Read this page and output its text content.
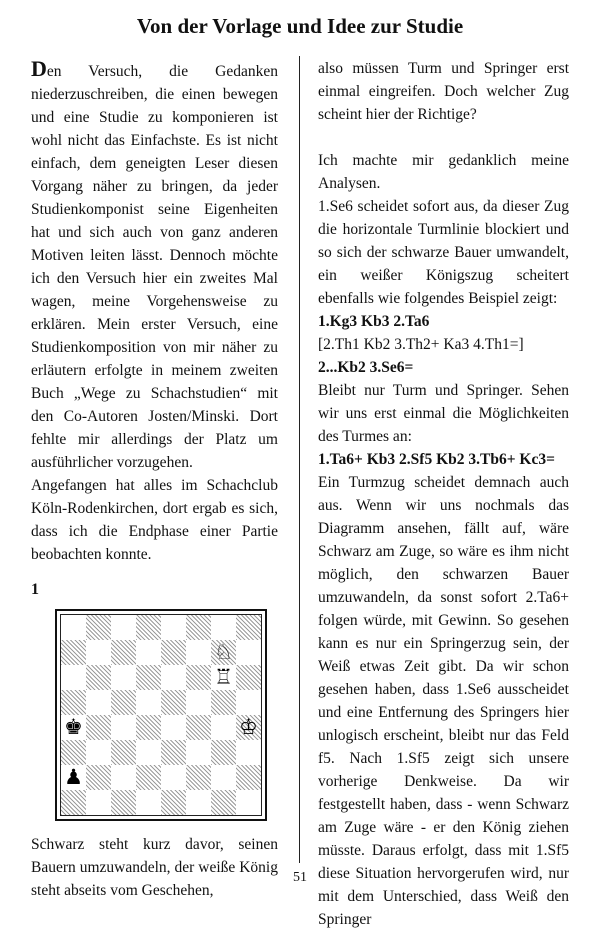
Von der Vorlage und Idee zur Studie

Den Versuch, die Gedanken niederzuschreiben, die einen bewegen und eine Studie zu komponieren ist wohl nicht das Einfachste. Es ist nicht einfach, dem geneigten Leser diesen Vorgang näher zu bringen, da jeder Studienkomponist seine Eigenheiten hat und sich auch von ganz anderen Motiven leiten lässt. Dennoch möchte ich den Versuch hier ein zweites Mal wagen, meine Vorgehensweise zu erklären. Mein erster Versuch, eine Studienkomposition von mir näher zu erläutern erfolgte in meinem zweiten Buch „Wege zu Schachstudien“ mit den Co-Autoren Josten/Minski. Dort fehlte mir allerdings der Platz um ausführlicher vorzugehen.

Angefangen hat alles im Schachclub Köln-Rodenkirchen, dort ergab es sich, dass ich die Endphase einer Partie beobachten konnte.

1
♘
♖
♚	♔
♟

Schwarz steht kurz davor, seinen Bauern umzuwandeln, der weiße König steht abseits vom Geschehen,

also müssen Turm und Springer erst einmal eingreifen. Doch welcher Zug scheint hier der Richtige?

Ich machte mir gedanklich meine Analysen.

1.Se6 scheidet sofort aus, da dieser Zug die horizontale Turmlinie blockiert und so sich der schwarze Bauer umwandelt, ein weißer Königszug scheitert ebenfalls wie folgendes Beispiel zeigt:

1.Kg3 Kb3 2.Ta6

[2.Th1 Kb2 3.Th2+ Ka3 4.Th1=]

2...Kb2 3.Se6=

Bleibt nur Turm und Springer. Sehen wir uns erst einmal die Möglichkeiten des Turmes an:

1.Ta6+ Kb3 2.Sf5 Kb2 3.Tb6+ Kc3=

Ein Turmzug scheidet demnach auch aus. Wenn wir uns nochmals das Diagramm ansehen, fällt auf, wäre Schwarz am Zuge, so wäre es ihm nicht möglich, den schwarzen Bauer umzuwandeln, da sonst sofort 2.Ta6+ folgen würde, mit Gewinn. So gesehen kann es nur ein Springerzug sein, der Weiß etwas Zeit gibt. Da wir schon gesehen haben, dass 1.Se6 ausscheidet und eine Entfernung des Springers hier unlogisch erscheint, bleibt nur das Feld f5. Nach 1.Sf5 zeigt sich unsere vorherige Denkweise. Da wir festgestellt haben, dass - wenn Schwarz am Zuge wäre - er den König ziehen müsste. Daraus erfolgt, dass mit 1.Sf5 diese Situation hervorgerufen wird, nur mit dem Unterschied, dass Weiß den Springer

51
